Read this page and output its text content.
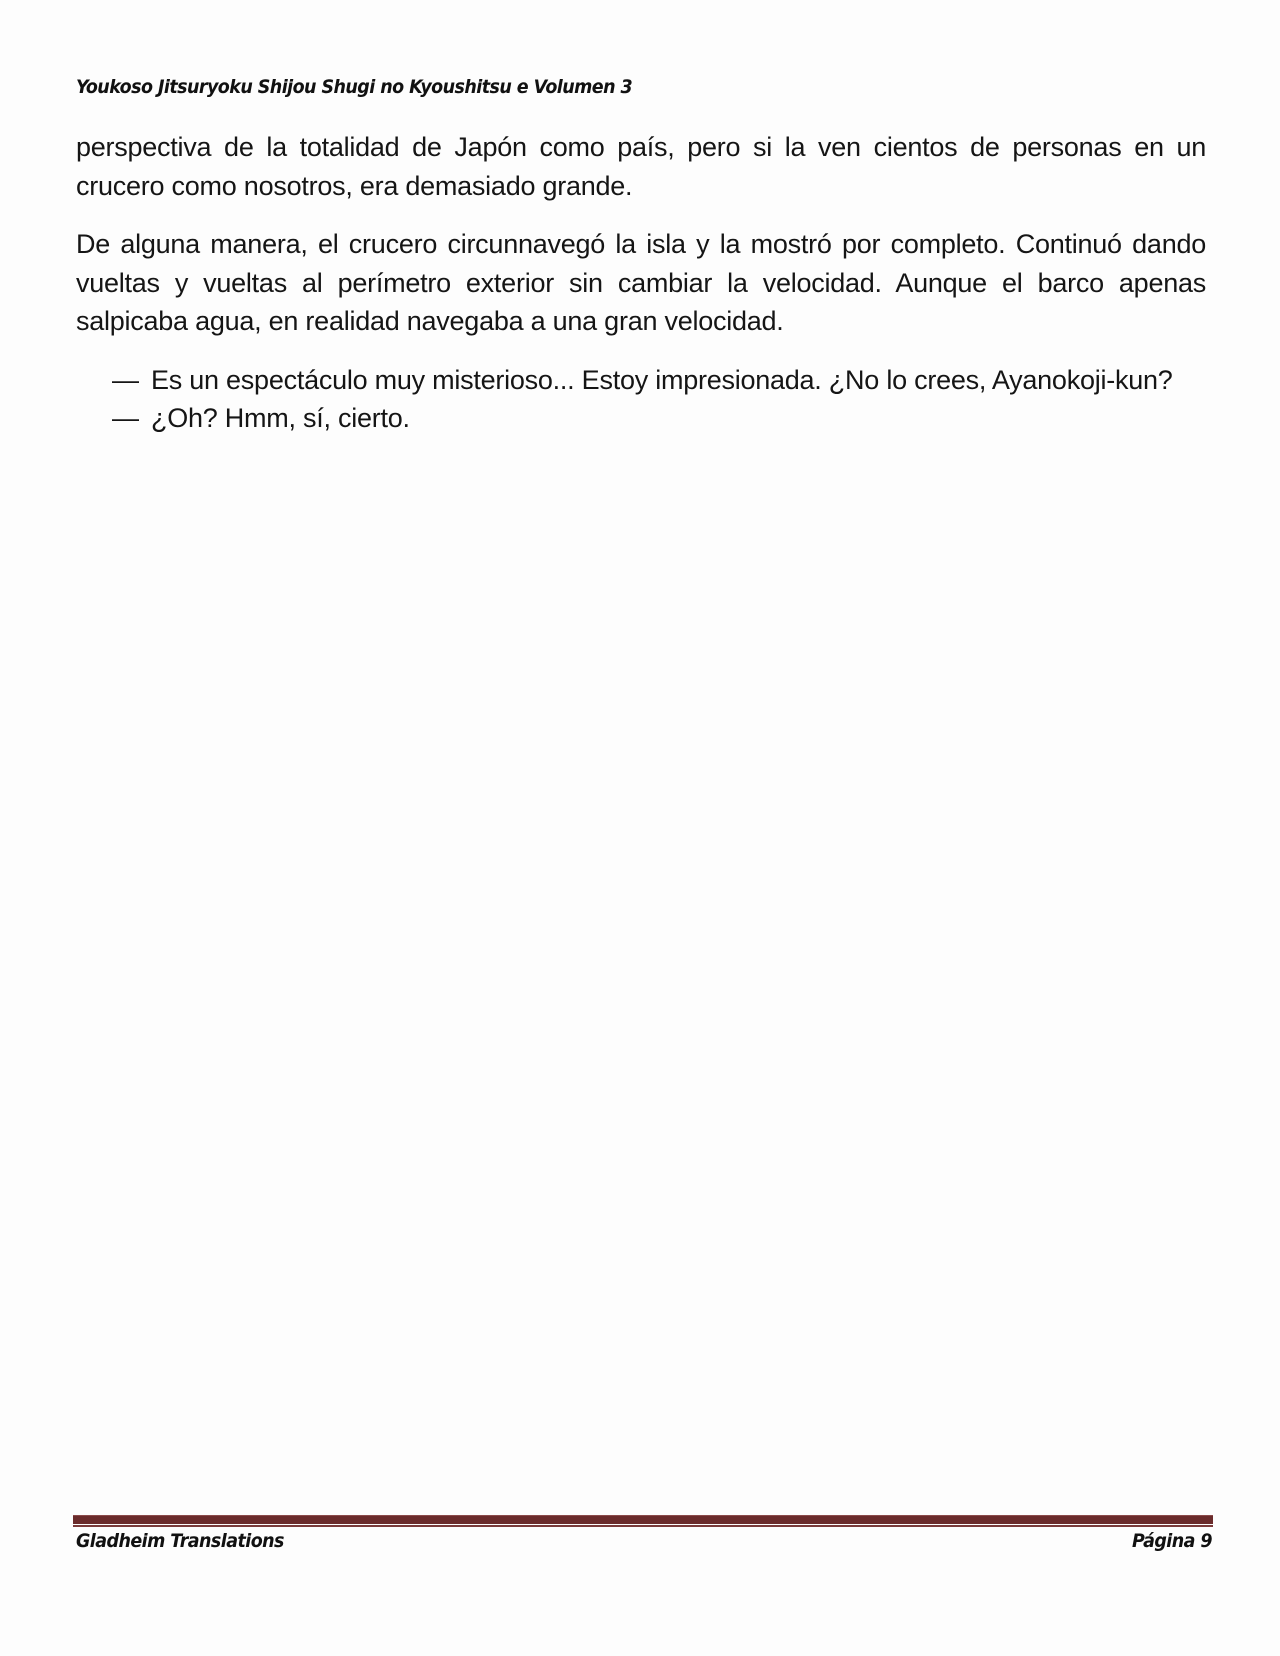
Youkoso Jitsuryoku Shijou Shugi no Kyoushitsu e Volumen 3

perspectiva de la totalidad de Japón como país, pero si la ven cientos de personas en un crucero como nosotros, era demasiado grande.

De alguna manera, el crucero circunnavegó la isla y la mostró por completo. Continuó dando vueltas y vueltas al perímetro exterior sin cambiar la velocidad. Aunque el barco apenas salpicaba agua, en realidad navegaba a una gran velocidad.

— Es un espectáculo muy misterioso... Estoy impresionada. ¿No lo crees, Ayanokoji-kun?
— ¿Oh? Hmm, sí, cierto.
Gladheim Translations	Página 9
